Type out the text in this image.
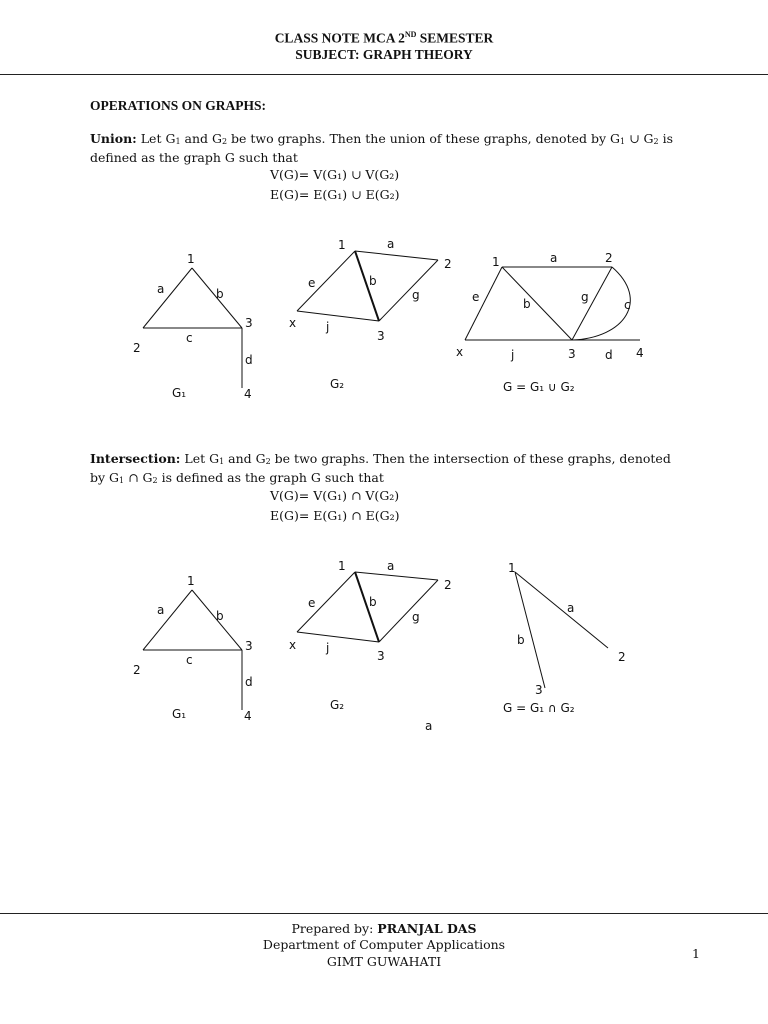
CLASS NOTE MCA 2ND SEMESTER
SUBJECT: GRAPH THEORY
OPERATIONS ON GRAPHS:
Union: Let $G_1$ and $G_2$ be two graphs. Then the union of these graphs, denoted by $G_1$ ∪ $G_2$ is
defined as the graph G such that
V(G)= V(G₁) ∪ V(G₂)
E(G)= E(G₁) ∪ E(G₂)
Intersection: Let $G_1$ and $G_2$ be two graphs. Then the intersection of these graphs, denoted
by $G_1$ ∩ $G_2$ is defined as the graph G such that
V(G)= V(G₁) ∩ V(G₂)
E(G)= E(G₁) ∩ E(G₂)
1
2
3
4
a	b
c
d
G₁
1
2
3
x
a
e	b
g
j
G₂
1	2
3	4
x
a
e	b	g
c
j	d
G = G₁ ∪ G₂
1
2
3
4
a	b
c
d
G₁
1
2
3
x
a
e	b
g
j
G₂
a
1
2
3
a
b
G = G₁ ∩ G₂
Prepared by: PRANJAL DAS
Department of Computer Applications
GIMT GUWAHATI
1
